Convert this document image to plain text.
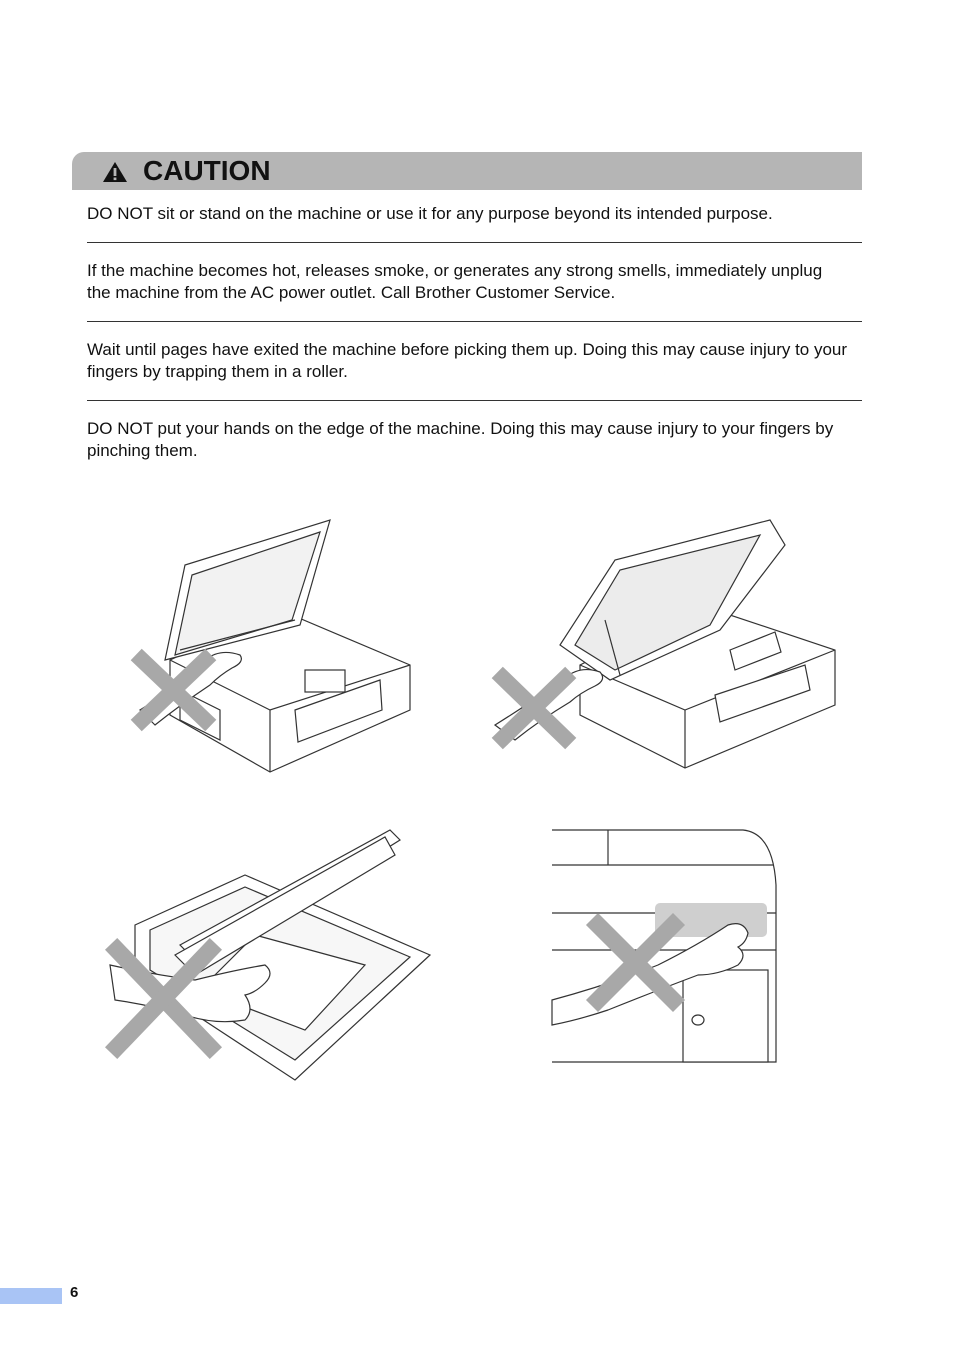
CAUTION
DO NOT sit or stand on the machine or use it for any purpose beyond its intended purpose.
If the machine becomes hot, releases smoke, or generates any strong smells, immediately unplug the machine from the AC power outlet. Call Brother Customer Service.
Wait until pages have exited the machine before picking them up. Doing this may cause injury to your fingers by trapping them in a roller.
DO NOT put your hands on the edge of the machine. Doing this may cause injury to your fingers by pinching them.
6
